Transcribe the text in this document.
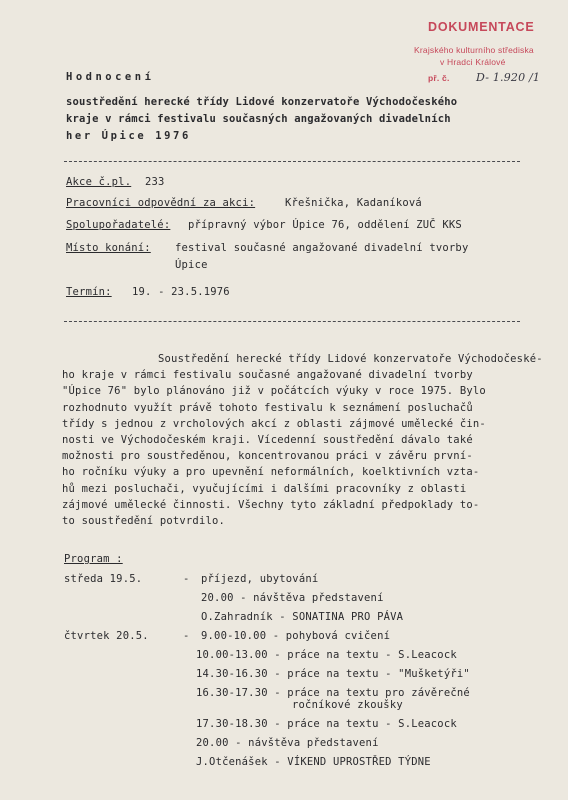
DOKUMENTACE
Krajského kulturního střediska
v Hradci Králové
př. č. D- 1.920 /1
Hodnocení
soustředění herecké třídy Lidové konzervatoře Východočeského
kraje v rámci festivalu současných angažovaných divadelních
her Úpice 1976
Akce č.pl. 233
Pracovníci odpovědní za akci:	Křešnička, Kadaníková
Spolupořadatelé: přípravný výbor Úpice 76, oddělení ZUČ KKS
Místo konání: festival současné angažované divadelní tvorby
Úpice
Termín: 19. - 23.5.1976
Soustředění herecké třídy Lidové konzervatoře Východočeské-
ho kraje v rámci festivalu současné angažované divadelní tvorby
"Úpice 76" bylo plánováno již v počátcích výuky v roce 1975. Bylo
rozhodnuto využít právě tohoto festivalu k seznámení posluchačů
třídy s jednou z vrcholových akcí z oblasti zájmové umělecké čin-
nosti ve Východočeském kraji. Vícedenní soustředění dávalo také
možnosti pro soustředěnou, koncentrovanou práci v závěru první-
ho ročníku výuky a pro upevnění neformálních, koelktivních vzta-
hů mezi posluchači, vyučujícími i dalšími pracovníky z oblasti
zájmové umělecké činnosti. Všechny tyto základní předpoklady to-
to soustředění potvrdilo.
Program :
středa 19.5.	- příjezd, ubytování
20.00 - návštěva představení
O.Zahradník - SONATINA PRO PÁVA
čtvrtek 20.5.	- 9.00-10.00 - pohybová cvičení
10.00-13.00 - práce na textu - S.Leacock
14.30-16.30 - práce na textu - "Mušketýři"
16.30-17.30 - práce na textu pro závěrečné
ročníkové zkoušky
17.30-18.30 - práce na textu - S.Leacock
20.00 - návštěva představení
J.Otčenášek - VÍKEND UPROSTŘED TÝDNE
